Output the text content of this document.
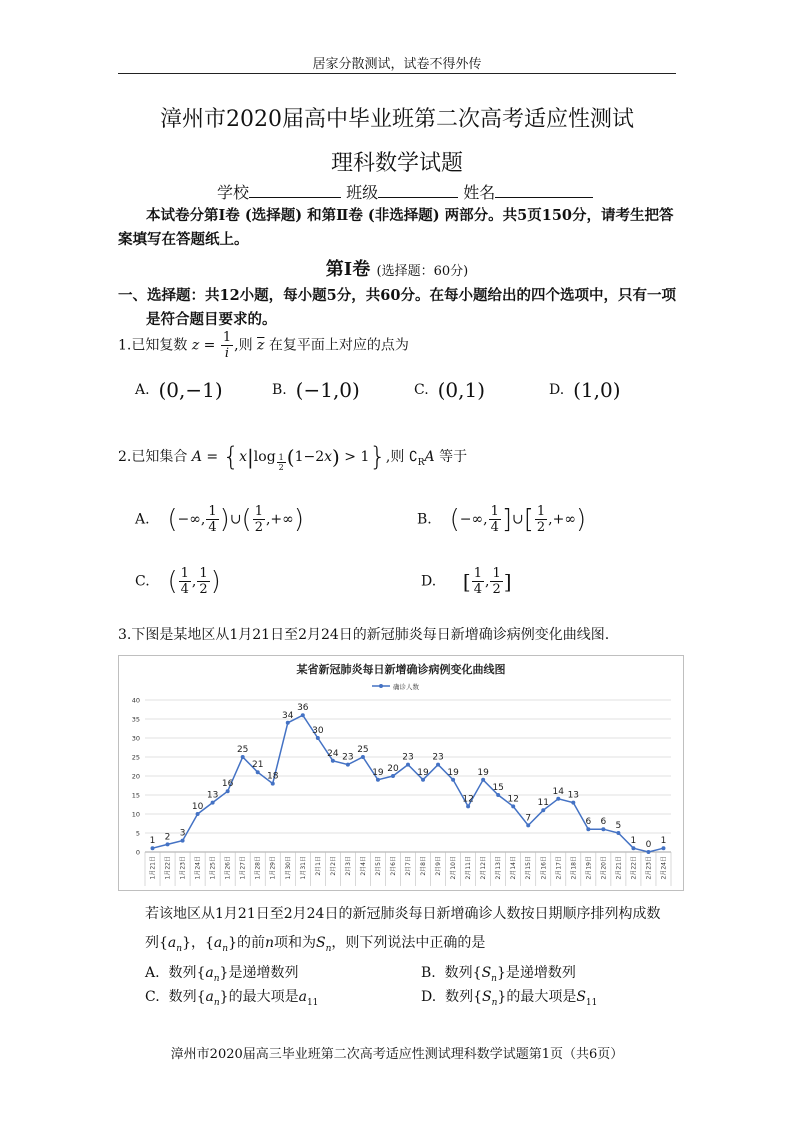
居家分散测试，试卷不得外传
漳州市2020届高中毕业班第二次高考适应性测试
理科数学试题
学校	班级	姓名
本试卷分第Ⅰ卷 (选择题) 和第Ⅱ卷 (非选择题) 两部分。共5页150分，请考生把答案填写在答题纸上。
第Ⅰ卷 (选择题：60分)
一、选择题：共12小题，每小题5分，共60分。在每小题给出的四个选项中，只有一项
是符合题目要求的。
1.已知复数 $z = \frac{1}{i}$ ,则 $\overline{z}$ 在复平面上对应的点为
A. (0,−1)	B. (−1,0)	C. (0,1)	D. (1,0)
2.已知集合 A = {x|log $_{\frac{1}{2}}$ (1−2x) > 1},则 $∁_RA$ 等于
A. (−∞, $\frac{1}{4}$ )∪( $\frac{1}{2}$ ,+∞)	B. (−∞, $\frac{1}{4}$ ]∪[ $\frac{1}{2}$ ,+∞)
C. ( $\frac{1}{4}$ , $\frac{1}{2}$ )	D. [ $\frac{1}{4}$ , $\frac{1}{2}$ ]
3.下图是某地区从1月21日至2月24日的新冠肺炎每日新增确诊病例变化曲线图.
某省新冠肺炎每日新增确诊病例变化曲线图
确诊人数
0
5
10
15
20
25
30
35
40
1月21日 1月22日 1月23日 1月24日 1月25日 1月26日 1月27日 1月28日 1月29日 1月30日 1月31日 2月1日 2月2日 2月3日 2月4日 2月5日 2月6日 2月7日 2月8日 2月9日 2月10日 2月11日 2月12日 2月13日 2月14日 2月15日 2月16日 2月17日 2月18日 2月19日 2月20日 2月21日 2月22日 2月23日 2月24日
1 2 3
10
13
16
25
21
18
34
36
30
24 23
25
19 20
23
19
23
19
12
19
15
12
7
11
14 13
6 6 5
1 0 1
若该地区从1月21日至2月24日的新冠肺炎每日新增确诊人数按日期顺序排列构成数
列$\{a_n\}$，$\{a_n\}$的前n项和为$S_n$，则下列说法中正确的是
A. 数列$\{a_n\}$是递增数列	B. 数列$\{S_n\}$是递增数列
C. 数列$\{a_n\}$的最大项是$a_{11}$	D. 数列$\{S_n\}$的最大项是$S_{11}$
漳州市2020届高三毕业班第二次高考适应性测试理科数学试题第1页（共6页）
